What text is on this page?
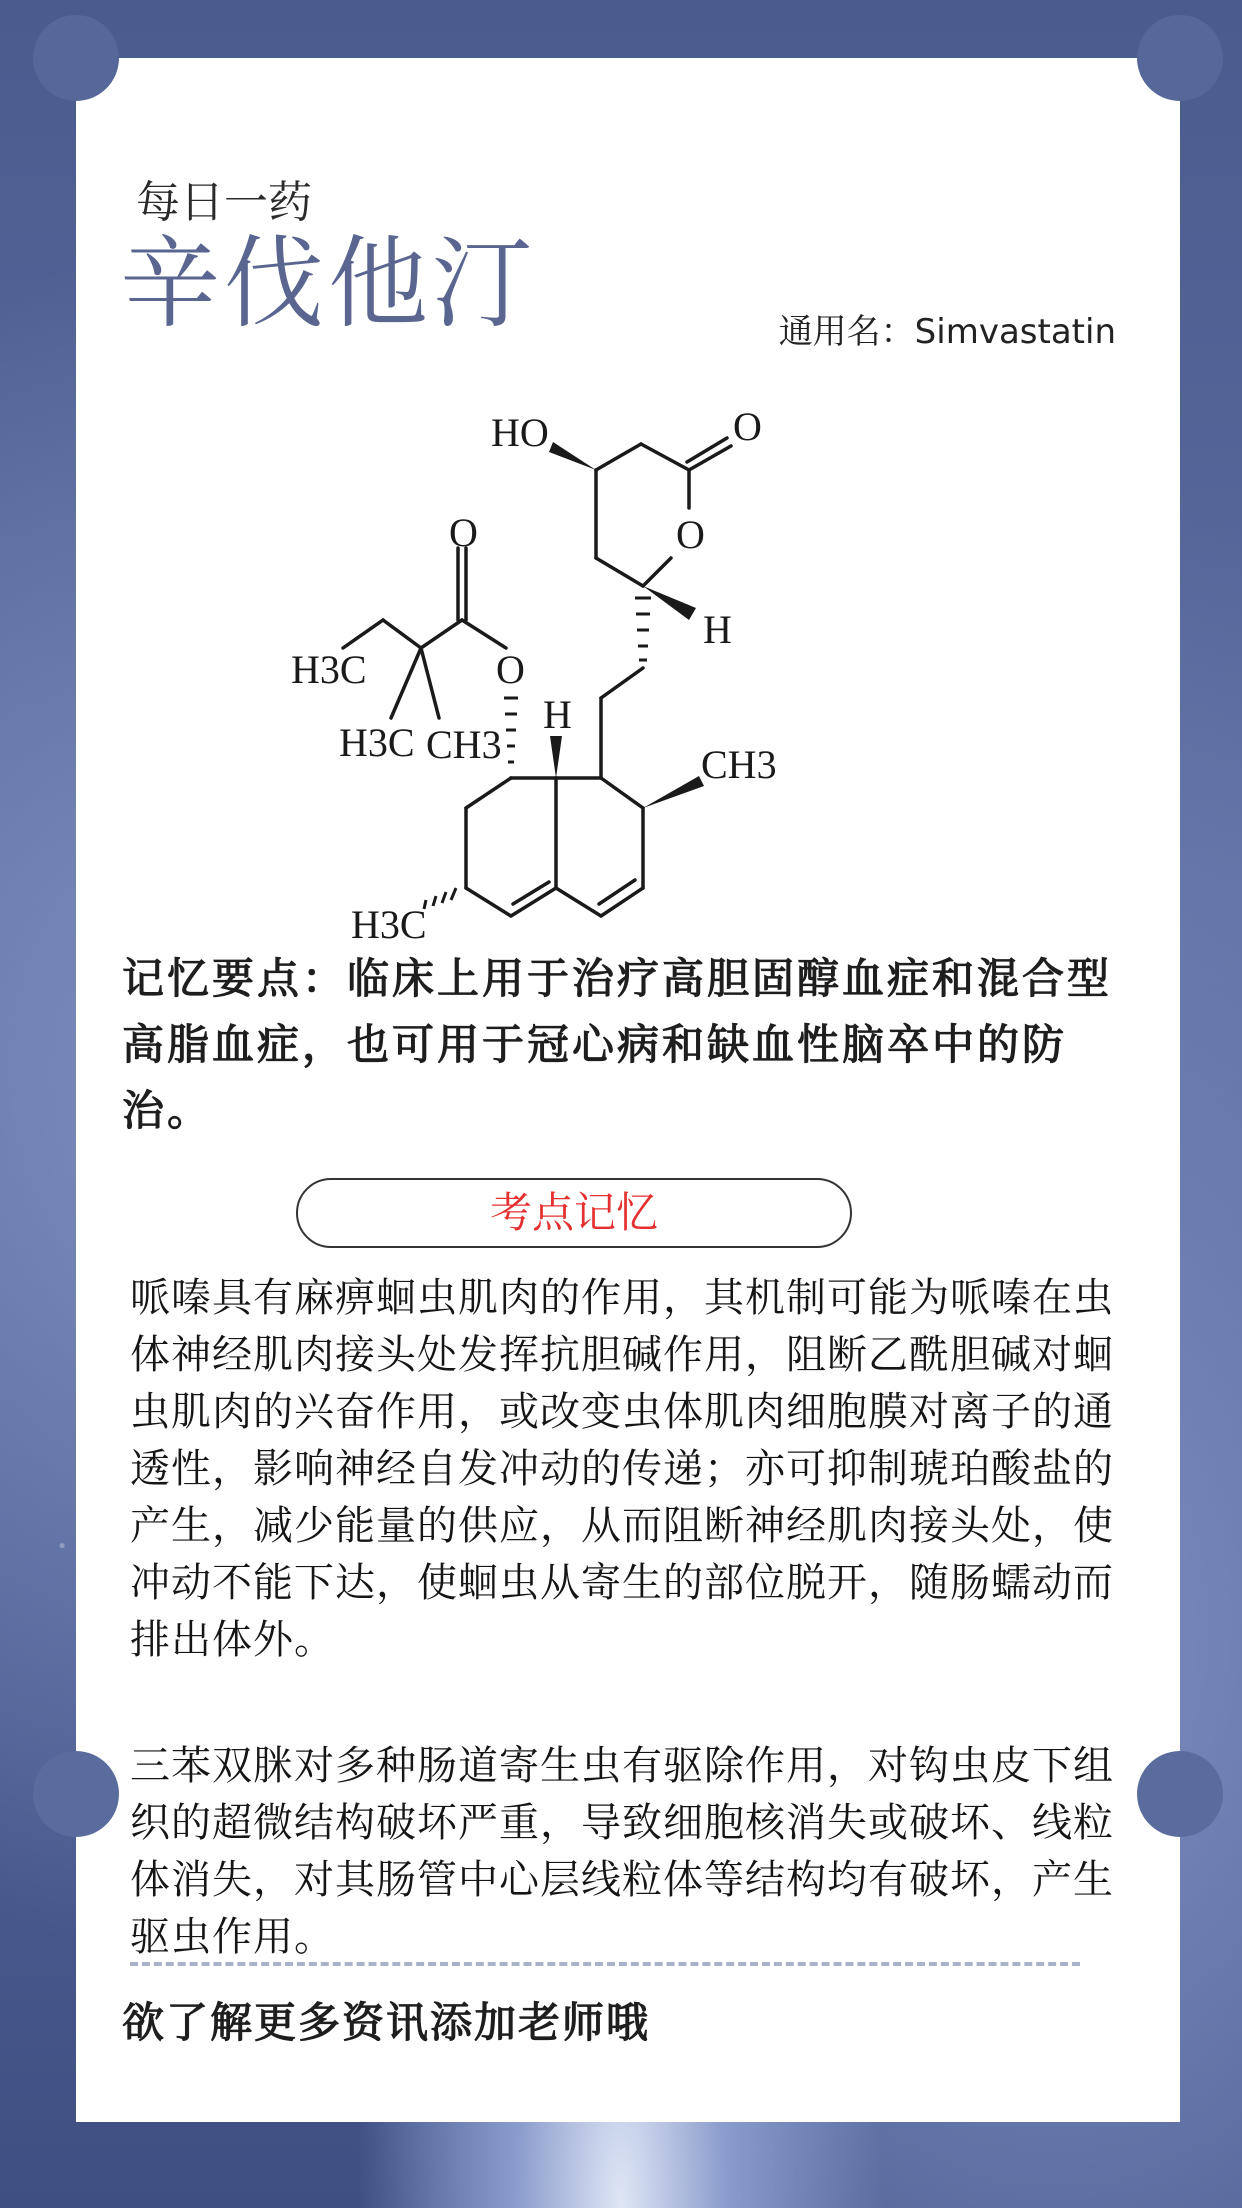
每日一药
辛伐他汀	通用名：Simvastatin
HO	O
O
H
O
O
H3C
H3C CH3
H
CH3
H3C
记忆要点：临床上用于治疗高胆固醇血症和混合型高脂血症，也可用于冠心病和缺血性脑卒中的防治。
考点记忆
哌嗪具有麻痹蛔虫肌肉的作用，其机制可能为哌嗪在虫体神经肌肉接头处发挥抗胆碱作用，阻断乙酰胆碱对蛔虫肌肉的兴奋作用，或改变虫体肌肉细胞膜对离子的通透性，影响神经自发冲动的传递；亦可抑制琥珀酸盐的产生，减少能量的供应，从而阻断神经肌肉接头处，使冲动不能下达，使蛔虫从寄生的部位脱开，随肠蠕动而排出体外。
三苯双脒对多种肠道寄生虫有驱除作用，对钩虫皮下组织的超微结构破坏严重，导致细胞核消失或破坏、线粒体消失，对其肠管中心层线粒体等结构均有破坏，产生驱虫作用。
欲了解更多资讯添加老师哦
